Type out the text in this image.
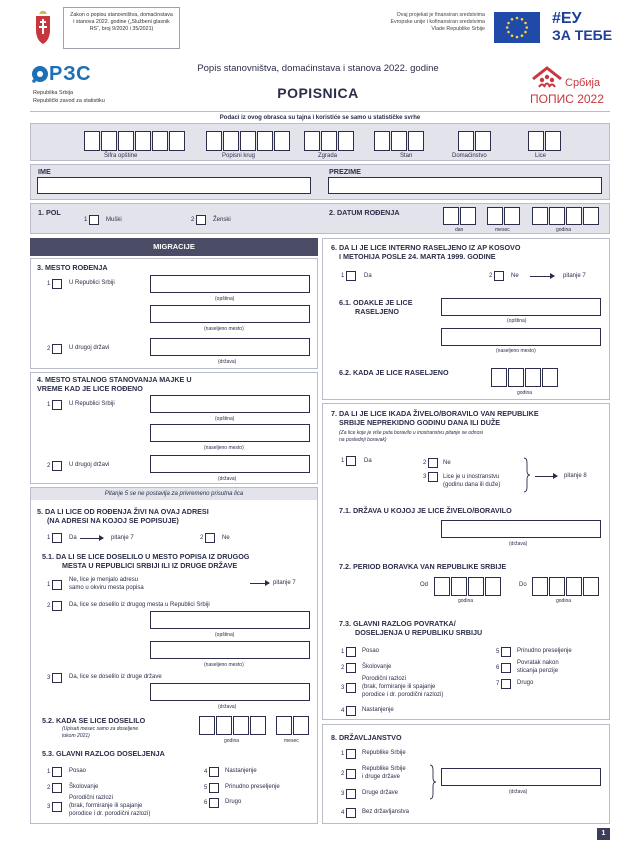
Zakon o popisu stanovništva, domaćinstava i stanova 2022. godine („Službeni glasnik RS“, broj 9/2020 i 35/2021)
Ovaj projekat je finansiran sredstvima Evropske unije i kofinansiran sredstvima Vlade Republike Srbije
#ЕУ
ЗА ТЕБЕ
РЗС
Republika Srbija
Republički zavod za statistiku
Popis stanovništva, domaćinstava i stanova 2022. godine
POPISNICA
Србија
ПОПИС 2022
Podaci iz ovog obrasca su tajna i koristiće se samo u statističke svrhe
Šifra opštine	Popisni krug	Zgrada	Stan	Domaćinstvo	Lice
IME	PREZIME
1. POL
1	Muški	2	Ženski
2. DATUM ROĐENJA
dan	mesec	godina
MIGRACIJE
3. MESTO ROĐENJA
1	U Republici Srbiji
(opština)
(naseljeno mesto)
2	U drugoj državi
(država)
4. MESTO STALNOG STANOVANJA MAJKE U
VREME KAD JE LICE ROĐENO
1	U Republici Srbiji
(opština)
(naseljeno mesto)
2	U drugoj državi
(država)
Pitanje 5 se ne postavlja za privremeno prisutna lica
5. DA LI LICE OD ROĐENJA ŽIVI NA OVAJ ADRESI
(NA ADRESI NA KOJOJ SE POPISUJE)
1	Da	pitanje 7	2	Ne
5.1. DA LI SE LICE DOSELILO U MESTO POPISA IZ DRUGOG
MESTA U REPUBLICI SRBIJI ILI IZ DRUGE DRŽAVE
1
Ne, lice je menjalo adresu
samo u okviru mesta popisa
pitanje 7
2	Da, lice se doselilo iz drugog mesta u Republici Srbiji
(opština)
(naseljeno mesto)
3	Da, lice se doselilo iz druge države
(država)
5.2. KADA SE LICE DOSELILO
(Upisati mesec samo za doseljene
tokom 2021)
godina	mesec
5.3. GLAVNI RAZLOG DOSELJENJA
1	Posao
2	Školovanje
3
Porodični razlozi
(brak, formiranje ili spajanje
porodice i dr. porodični razlozi)
4	Nastanjenje
5	Prinudno preseljenje
6	Drugo
6. DA LI JE LICE INTERNO RASELJENO IZ AP KOSOVO
I METOHIJA POSLE 24. MARTA 1999. GODINE
1	Da	2	Ne	pitanje 7
6.1. ODAKLE JE LICE
RASELJENO
(opština)
(naseljeno mesto)
6.2. KADA JE LICE RASELJENO
godina
7. DA LI JE LICE IKADA ŽIVELO/BORAVILO VAN REPUBLIKE
SRBIJE NEPREKIDNO GODINU DANA ILI DUŽE
(Za lice koje je više puta boravilo u inostranstvu pitanje se odnosi
na poslednji boravak)
1	Da	2	Ne
3	Lice je u inostranstvu
(godinu dana ili duže)
pitanje 8
7.1. DRŽAVA U KOJOJ JE LICE ŽIVELO/BORAVILO
(država)
7.2. PERIOD BORAVKA VAN REPUBLIKE SRBIJE
Od
godina
Do
godina
7.3. GLAVNI RAZLOG POVRATKA/
DOSELJENJA U REPUBLIKU SRBIJU
1	Posao
2	Školovanje
3
Porodični razlozi
(brak, formiranje ili spajanje
porodice i dr. porodični razlozi)
4	Nastanjenje
5	Prinudno preseljenje
6
Povratak nakon
sticanja penzije
7	Drugo
8. DRŽAVLJANSTVO
1	Republike Srbije
2
Republike Srbije
i druge države
3	Druge države	(država)
4	Bez državljanstva
1
